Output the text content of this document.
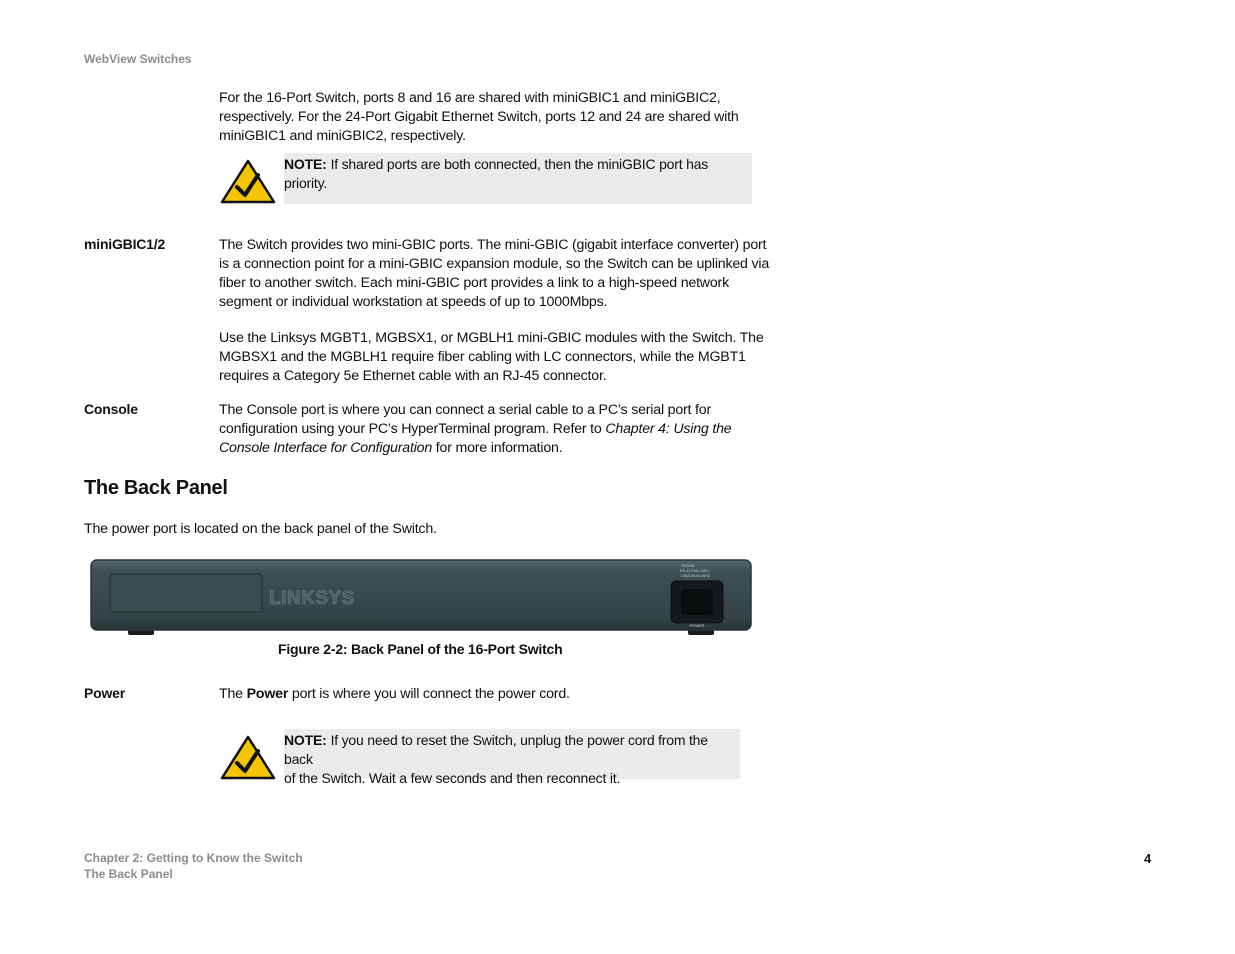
WebView Switches
For the 16-Port Switch, ports 8 and 16 are shared with miniGBIC1 and miniGBIC2,
respectively. For the 24-Port Gigabit Ethernet Switch, ports 12 and 24 are shared with
miniGBIC1 and miniGBIC2, respectively.
NOTE: If shared ports are both connected, then the miniGBIC port has priority.
miniGBIC1/2	The Switch provides two mini-GBIC ports. The mini-GBIC (gigabit interface converter) port
is a connection point for a mini-GBIC expansion module, so the Switch can be uplinked via
fiber to another switch. Each mini-GBIC port provides a link to a high-speed network
segment or individual workstation at speeds of up to 1000Mbps.
Use the Linksys MGBT1, MGBSX1, or MGBLH1 mini-GBIC modules with the Switch. The
MGBSX1 and the MGBLH1 require fiber cabling with LC connectors, while the MGBT1
requires a Category 5e Ethernet cable with an RJ-45 connector.
Console	The Console port is where you can connect a serial cable to a PC’s serial port for
configuration using your PC’s HyperTerminal program. Refer to Chapter 4: Using the
Console Interface for Configuration for more information.
The Back Panel
The power port is located on the back panel of the Switch.
LINKSYS
RATING
100-127/200-240V~
1.5A/0.8A 50-60HZ
POWER
Figure 2-2: Back Panel of the 16-Port Switch
Power	The Power port is where you will connect the power cord.
NOTE: If you need to reset the Switch, unplug the power cord from the back
of the Switch. Wait a few seconds and then reconnect it.
Chapter 2: Getting to Know the Switch
The Back Panel
4
